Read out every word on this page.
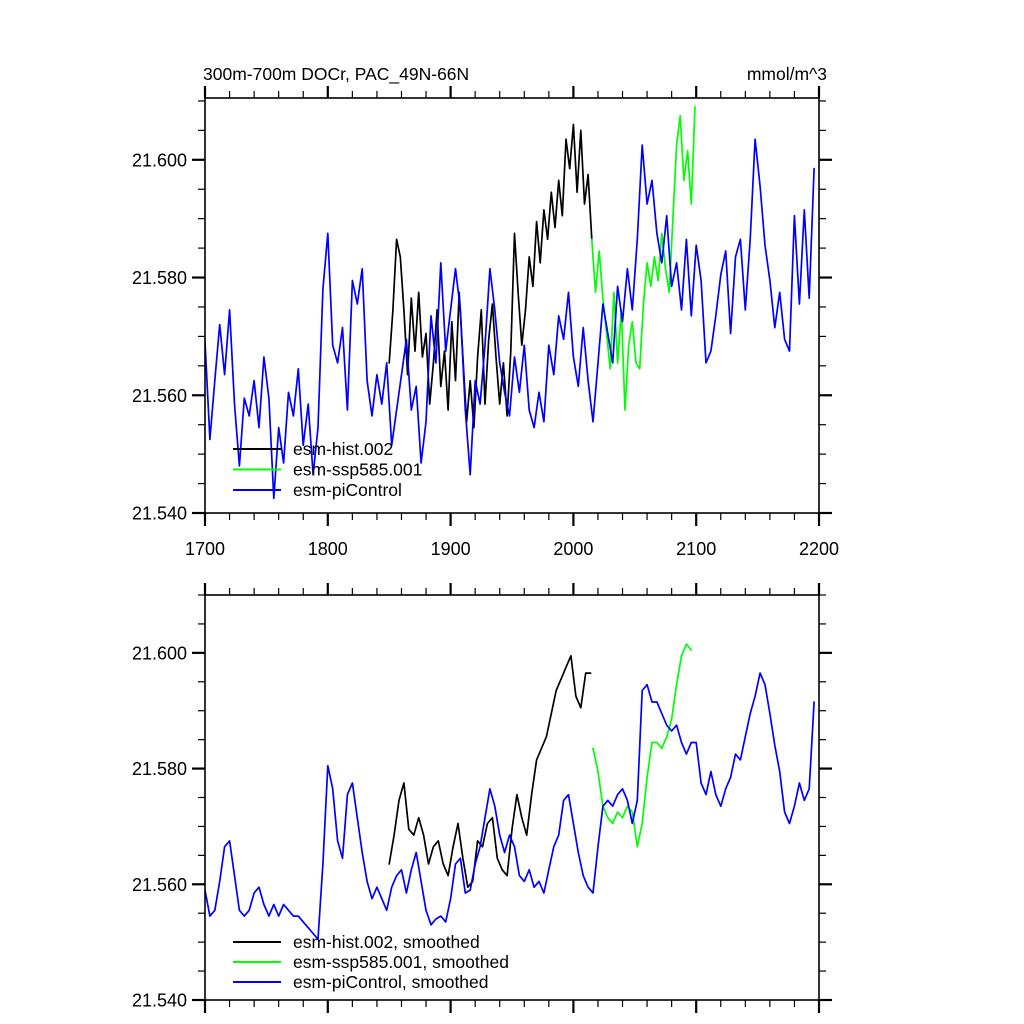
1700	1800	1900	2000	2100	2200
21.540
21.560
21.580
21.600
300m-700m DOCr, PAC_49N-66N	mmol/m^3
esm-hist.002
esm-ssp585.001
esm-piControl
21.540
21.560
21.580
21.600
esm-hist.002, smoothed
esm-ssp585.001, smoothed
esm-piControl, smoothed
